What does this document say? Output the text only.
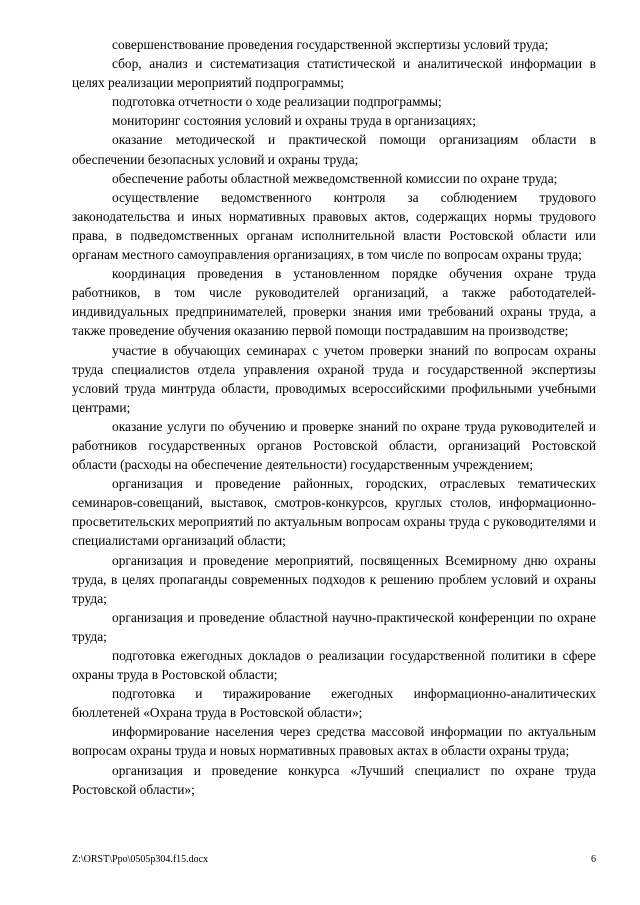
совершенствование проведения государственной экспертизы условий труда;

сбор, анализ и систематизация статистической и аналитической информации в целях реализации мероприятий подпрограммы;

подготовка отчетности о ходе реализации подпрограммы;

мониторинг состояния условий и охраны труда в организациях;

оказание методической и практической помощи организациям области в обеспечении безопасных условий и охраны труда;

обеспечение работы областной межведомственной комиссии по охране труда;

осуществление ведомственного контроля за соблюдением трудового законодательства и иных нормативных правовых актов, содержащих нормы трудового права, в подведомственных органам исполнительной власти Ростовской области или органам местного самоуправления организациях, в том числе по вопросам охраны труда;

координация проведения в установленном порядке обучения охране труда работников, в том числе руководителей организаций, а также работодателей-индивидуальных предпринимателей, проверки знания ими требований охраны труда, а также проведение обучения оказанию первой помощи пострадавшим на производстве;

участие в обучающих семинарах с учетом проверки знаний по вопросам охраны труда специалистов отдела управления охраной труда и государственной экспертизы условий труда минтруда области, проводимых всероссийскими профильными учебными центрами;

оказание услуги по обучению и проверке знаний по охране труда руководителей и работников государственных органов Ростовской области, организаций Ростовской области (расходы на обеспечение деятельности) государственным учреждением;

организация и проведение районных, городских, отраслевых тематических семинаров-совещаний, выставок, смотров-конкурсов, круглых столов, информационно-просветительских мероприятий по актуальным вопросам охраны труда с руководителями и специалистами организаций области;

организация и проведение мероприятий, посвященных Всемирному дню охраны труда, в целях пропаганды современных подходов к решению проблем условий и охраны труда;

организация и проведение областной научно-практической конференции по охране труда;

подготовка ежегодных докладов о реализации государственной политики в сфере охраны труда в Ростовской области;

подготовка и тиражирование ежегодных информационно-аналитических бюллетеней «Охрана труда в Ростовской области»;

информирование населения через средства массовой информации по актуальным вопросам охраны труда и новых нормативных правовых актах в области охраны труда;

организация и проведение конкурса «Лучший специалист по охране труда Ростовской области»;

Z:\ORST\Ppo\0505p304.f15.docx	6
